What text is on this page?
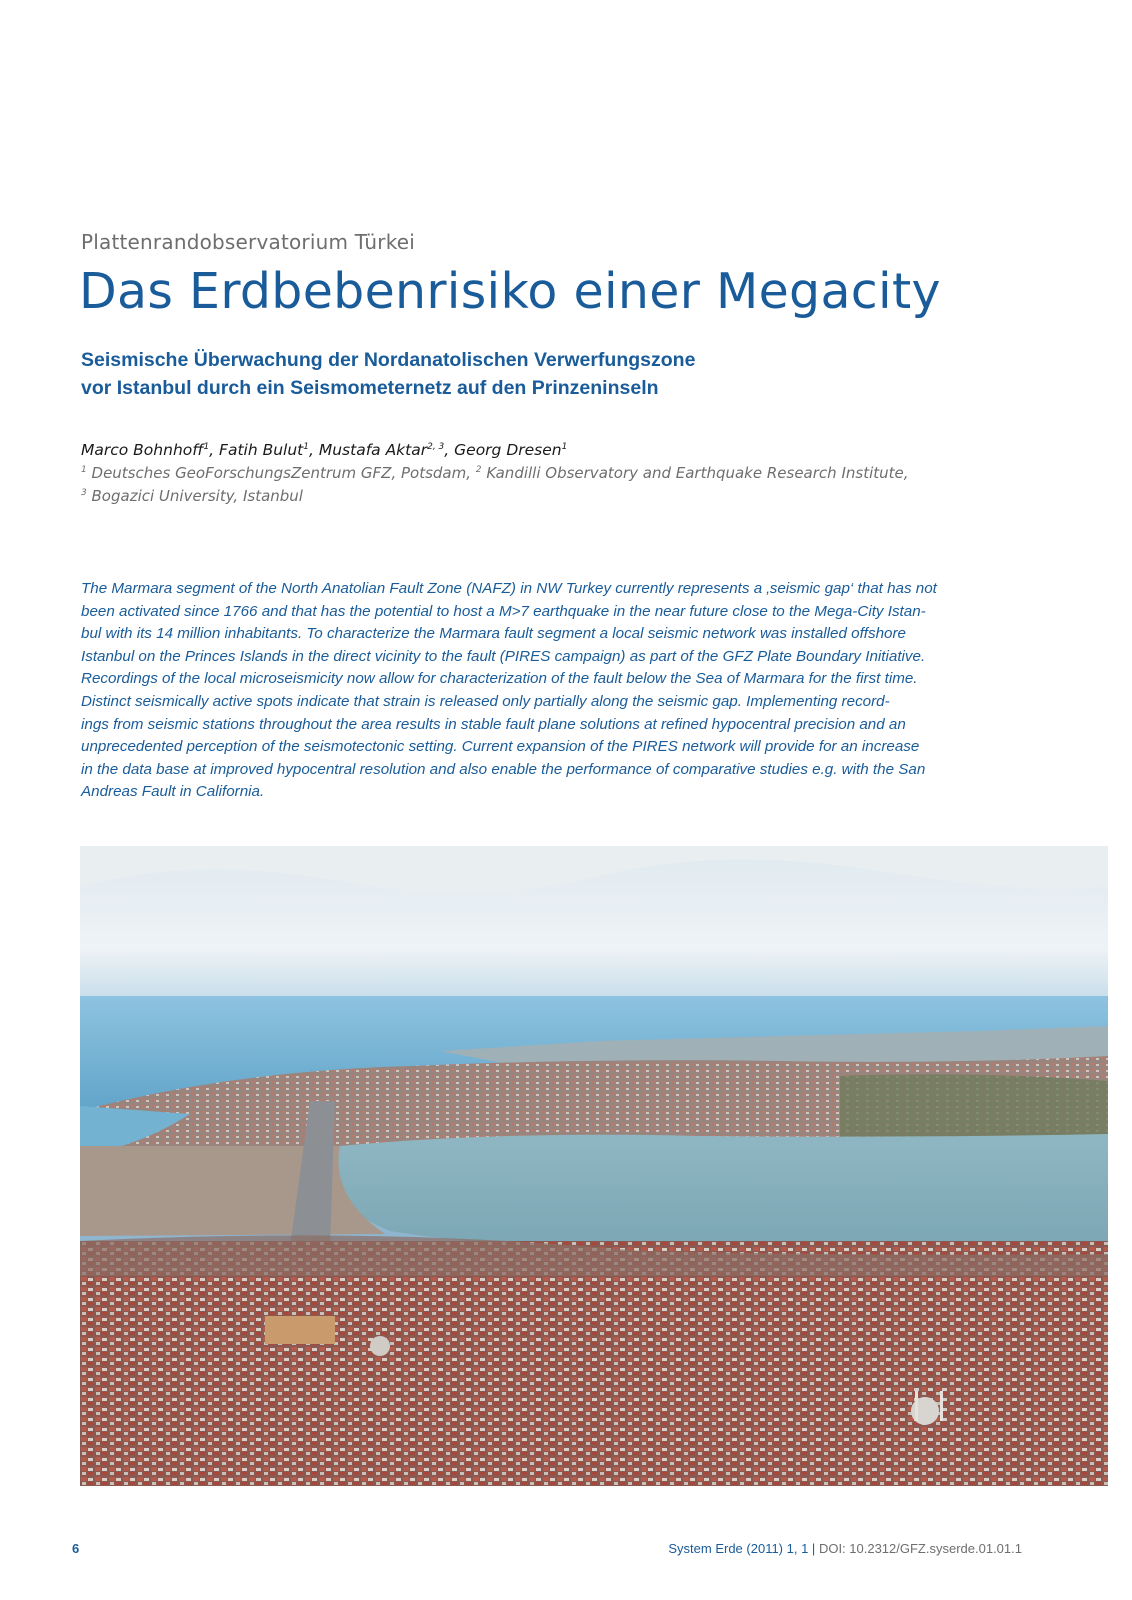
Plattenrandobservatorium Türkei
Das Erdbebenrisiko einer Megacity
Seismische Überwachung der Nordanatolischen Verwerfungszone
vor Istanbul durch ein Seismometernetz auf den Prinzeninseln
Marco Bohnhoff$^1$, Fatih Bulut$^1$, Mustafa Aktar$^{2, 3}$, Georg Dresen$^1$
$^1$ Deutsches GeoForschungsZentrum GFZ, Potsdam, $^2$ Kandilli Observatory and Earthquake Research Institute,
$^3$ Bogazici University, Istanbul
The Marmara segment of the North Anatolian Fault Zone (NAFZ) in NW Turkey currently represents a ‚seismic gap‘ that has not
been activated since 1766 and that has the potential to host a M>7 earthquake in the near future close to the Mega-City Istan-
bul with its 14 million inhabitants. To characterize the Marmara fault segment a local seismic network was installed offshore
Istanbul on the Princes Islands in the direct vicinity to the fault (PIRES campaign) as part of the GFZ Plate Boundary Initiative.
Recordings of the local microseismicity now allow for characterization of the fault below the Sea of Marmara for the first time.
Distinct seismically active spots indicate that strain is released only partially along the seismic gap. Implementing record-
ings from seismic stations throughout the area results in stable fault plane solutions at refined hypocentral precision and an
unprecedented perception of the seismotectonic setting. Current expansion of the PIRES network will provide for an increase
in the data base at improved hypocentral resolution and also enable the performance of comparative studies e.g. with the San
Andreas Fault in California.
6	System Erde (2011) 1, 1 | DOI: 10.2312/GFZ.syserde.01.01.1
